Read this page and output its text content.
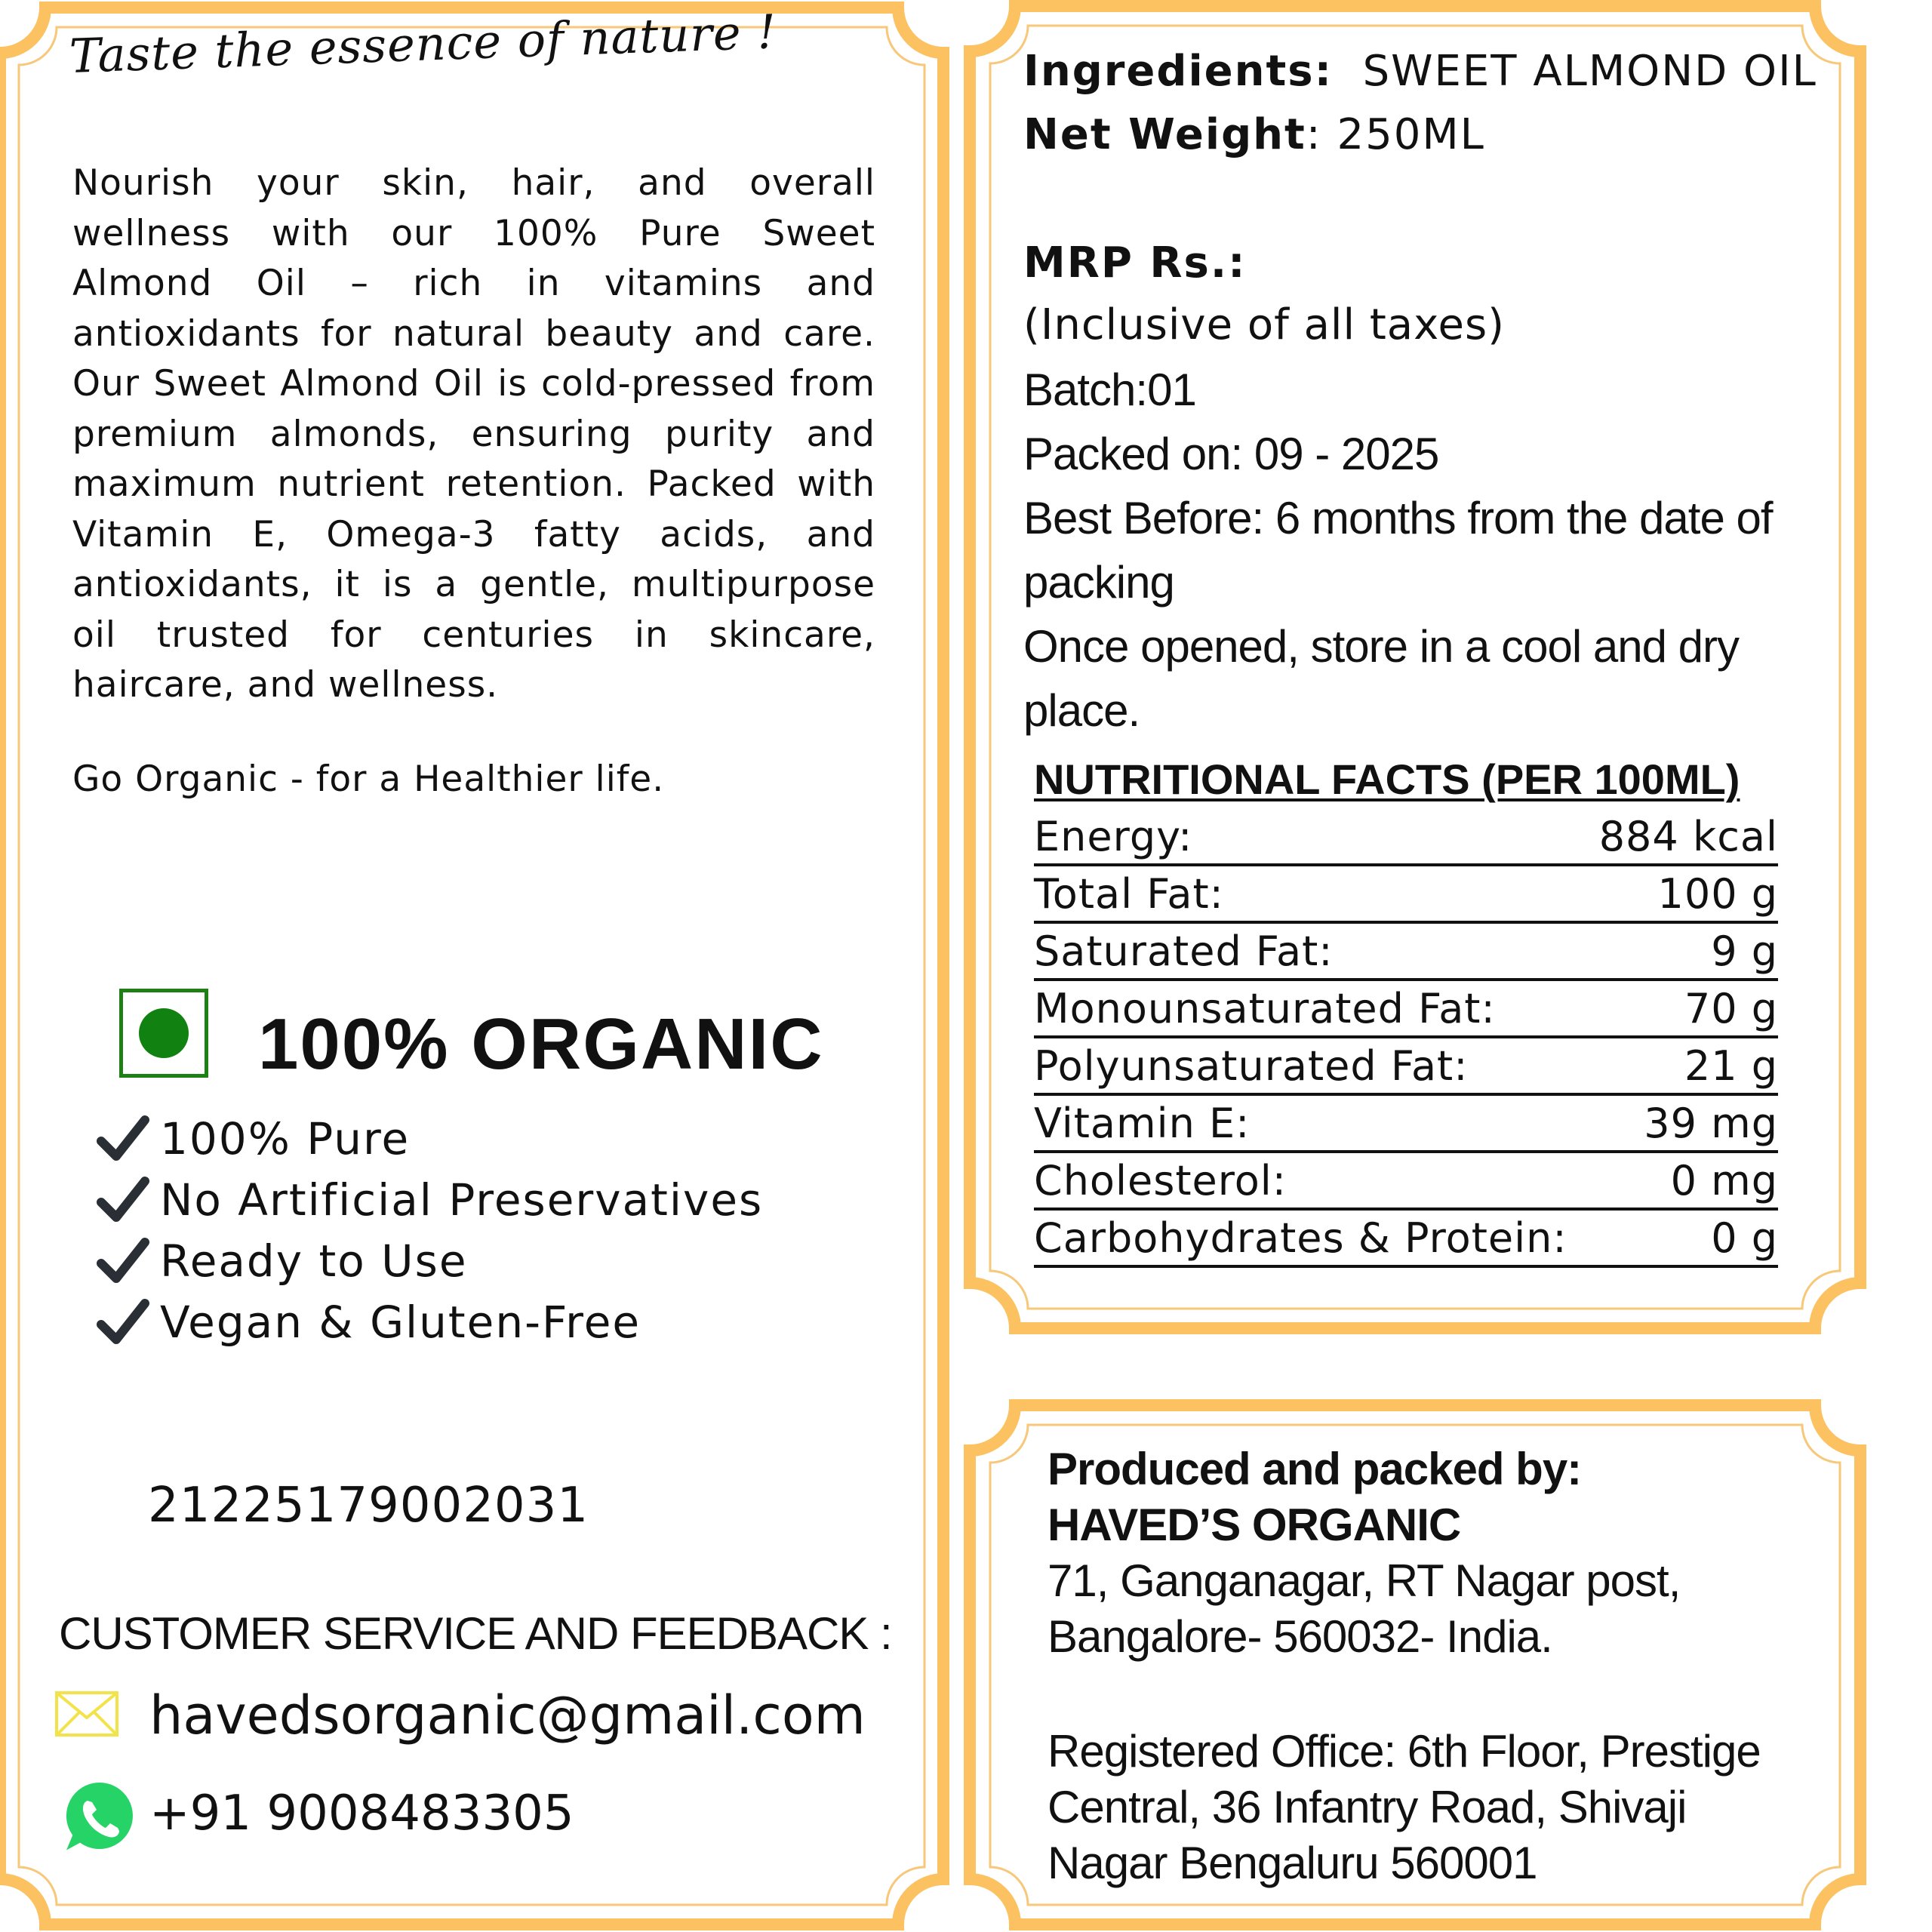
Taste the essence of nature !
Nourish your skin, hair, and overall wellness with our 100% Pure Sweet Almond Oil – rich in vitamins and antioxidants for natural beauty and care. Our Sweet Almond Oil is cold-pressed from premium almonds, ensuring purity and maximum nutrient retention. Packed with Vitamin E, Omega-3 fatty acids, and antioxidants, it is a gentle, multipurpose oil trusted for centuries in skincare, haircare, and wellness.
Go Organic - for a Healthier life.
100% ORGANIC
100% Pure
No Artificial Preservatives
Ready to Use
Vegan & Gluten-Free
21225179002031
CUSTOMER SERVICE AND FEEDBACK :
havedsorganic@gmail.com
+91 9008483305
Ingredients: SWEET ALMOND OIL
Net Weight: 250ML
MRP Rs.:
(Inclusive of all taxes)
Batch:01
Packed on: 09 - 2025
Best Before: 6 months from the date of
packing
Once opened, store in a cool and dry
place.
NUTRITIONAL FACTS (PER 100ML)
Energy:	884 kcal
Total Fat:	100 g
Saturated Fat:	9 g
Monounsaturated Fat:	70 g
Polyunsaturated Fat:	21 g
Vitamin E:	39 mg
Cholesterol:	0 mg
Carbohydrates & Protein:	0 g
Produced and packed by:
HAVED’S ORGANIC
71, Ganganagar, RT Nagar post,
Bangalore- 560032- India.
Registered Office: 6th Floor, Prestige
Central, 36 Infantry Road, Shivaji
Nagar Bengaluru 560001
